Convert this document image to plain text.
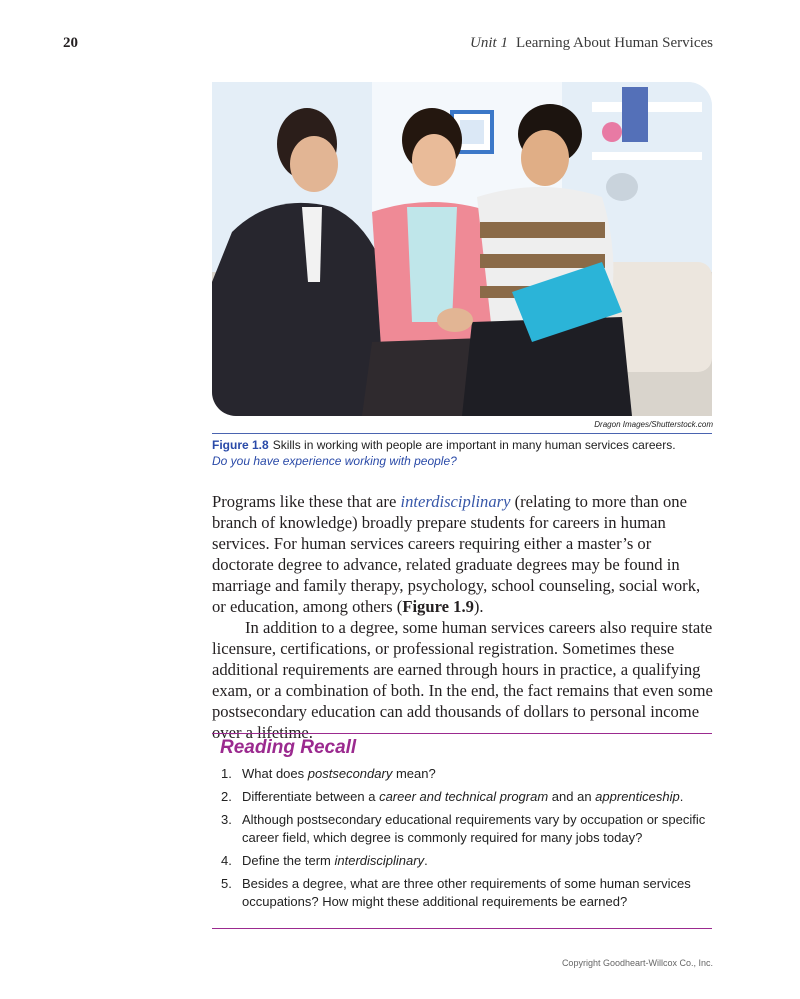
20	Unit 1 Learning About Human Services
Dragon Images/Shutterstock.com
Figure 1.8 Skills in working with people are important in many human services careers.
Do you have experience working with people?

Programs like these that are interdisciplinary (relating to more than one branch of knowledge) broadly prepare students for careers in human services. For human services careers requiring either a master’s or doctorate degree to advance, related graduate degrees may be found in marriage and family therapy, psychology, school counseling, social work, or education, among others (Figure 1.9).

In addition to a degree, some human services careers also require state licensure, certifications, or professional registration. Sometimes these additional requirements are earned through hours in practice, a qualifying exam, or a combination of both. In the end, the fact remains that even some postsecondary education can add thousands of dollars to personal income over a lifetime.

Reading Recall
1. What does postsecondary mean?
2. Differentiate between a career and technical program and an apprenticeship.
3. Although postsecondary educational requirements vary by occupation or specific career field, which degree is commonly required for many jobs today?
4. Define the term interdisciplinary.
5. Besides a degree, what are three other requirements of some human services occupations? How might these additional requirements be earned?
Copyright Goodheart-Willcox Co., Inc.
